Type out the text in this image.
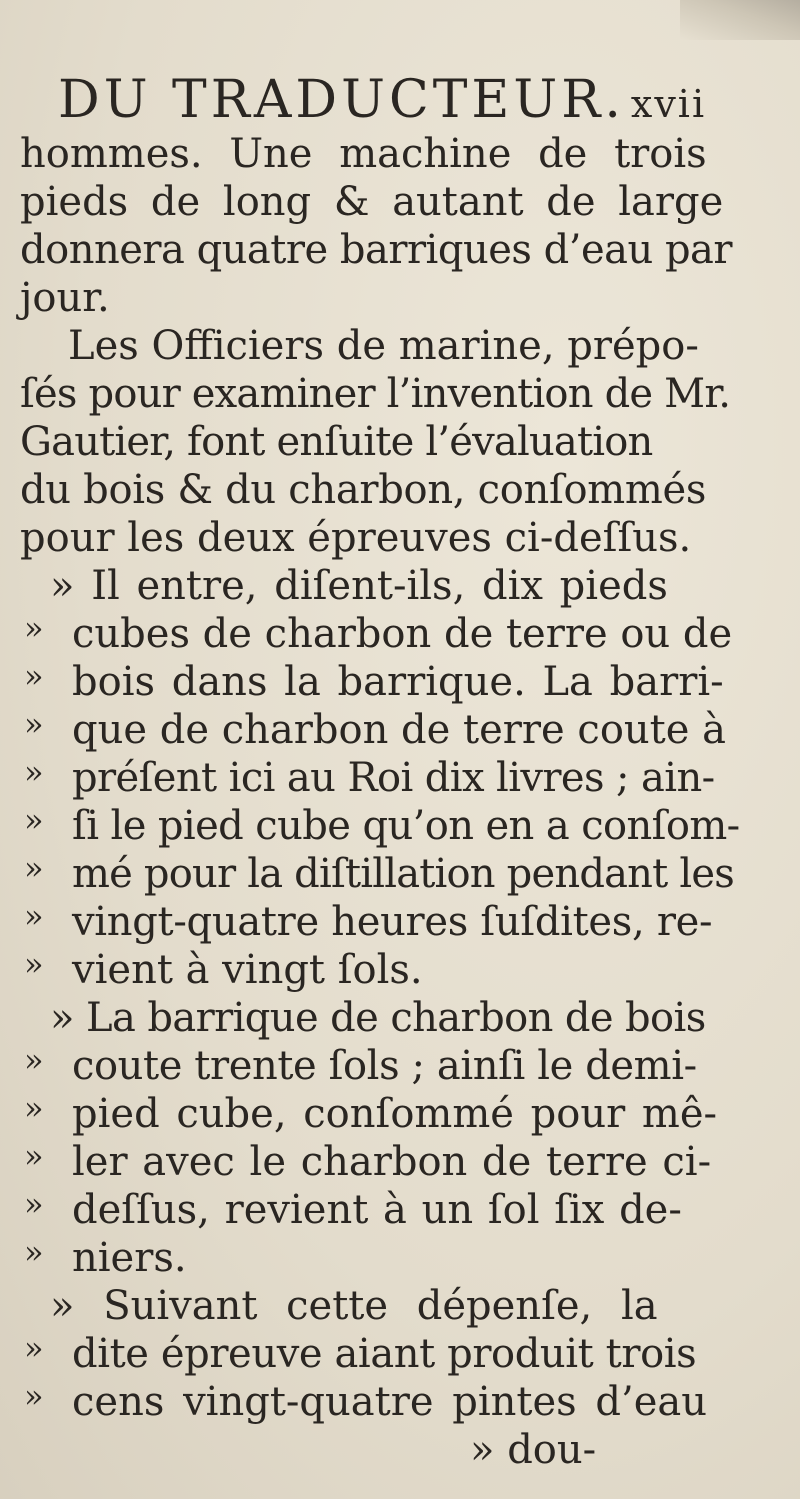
DU TRADUCTEUR. xvii
hommes. Une machine de trois
pieds de long & autant de large
donnera quatre barriques d’eau par
jour.
Les Officiers de marine, prépo-
ſés pour examiner l’invention de Mr.
Gautier, font enſuite l’évaluation
du bois & du charbon, conſommés
pour les deux épreuves ci-deſſus.
» Il entre, diſent-ils, dix pieds
» cubes de charbon de terre ou de
» bois dans la barrique. La barri-
» que de charbon de terre coute à
» préſent ici au Roi dix livres ; ain-
» ſi le pied cube qu’on en a conſom-
» mé pour la diſtillation pendant les
» vingt-quatre heures ſuſdites, re-
» vient à vingt ſols.
» La barrique de charbon de bois
» coute trente ſols ; ainſi le demi-
» pied cube, conſommé pour mê-
» ler avec le charbon de terre ci-
» deſſus, revient à un ſol ſix de-
» niers.
» Suivant cette dépenſe, la
» dite épreuve aiant produit trois
» cens vingt-quatre pintes d’eau
» dou-
